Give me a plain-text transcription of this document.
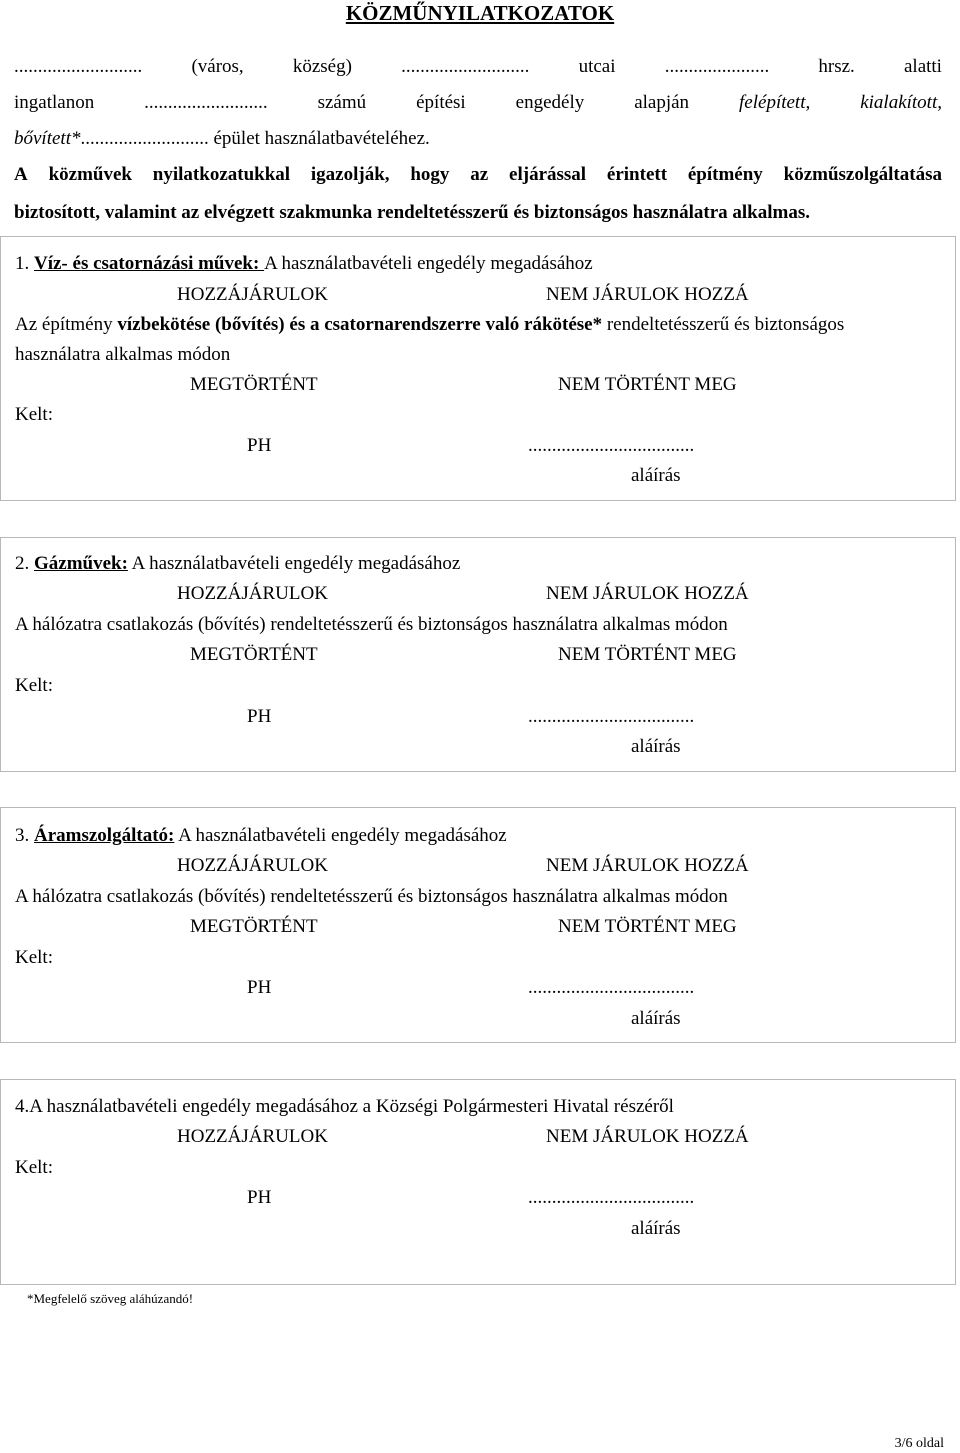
KÖZMŰNYILATKOZATOK
...........................	(város,	község)	...........................	utcai	......................	hrsz.	alatti
ingatlanon	..........................	számú	építési	engedély	alapján	felépített,	kialakított,
bővített* ........................... épület használatbavételéhez.
A közművek nyilatkozatukkal igazolják, hogy az eljárással érintett építmény közműszolgáltatása
biztosított, valamint az elvégzett szakmunka rendeltetésszerű és biztonságos használatra alkalmas.
1. Víz- és csatornázási művek: A használatbavételi engedély megadásához
HOZZÁJÁRULOK	NEM JÁRULOK HOZZÁ
Az építmény vízbekötése (bővítés) és a csatornarendszerre való rákötése* rendeltetésszerű és biztonságos
használatra alkalmas módon
MEGTÖRTÉNT	NEM TÖRTÉNT MEG
Kelt:
PH	...................................
aláírás
2. Gázművek: A használatbavételi engedély megadásához
HOZZÁJÁRULOK	NEM JÁRULOK HOZZÁ
A hálózatra csatlakozás (bővítés) rendeltetésszerű és biztonságos használatra alkalmas módon
MEGTÖRTÉNT	NEM TÖRTÉNT MEG
Kelt:
PH	...................................
aláírás
3. Áramszolgáltató: A használatbavételi engedély megadásához
HOZZÁJÁRULOK	NEM JÁRULOK HOZZÁ
A hálózatra csatlakozás (bővítés) rendeltetésszerű és biztonságos használatra alkalmas módon
MEGTÖRTÉNT	NEM TÖRTÉNT MEG
Kelt:
PH	...................................
aláírás
4.A használatbavételi engedély megadásához a Községi Polgármesteri Hivatal részéről
HOZZÁJÁRULOK	NEM JÁRULOK HOZZÁ
Kelt:
PH	...................................
aláírás
*Megfelelő szöveg aláhúzandó!
3/6 oldal
